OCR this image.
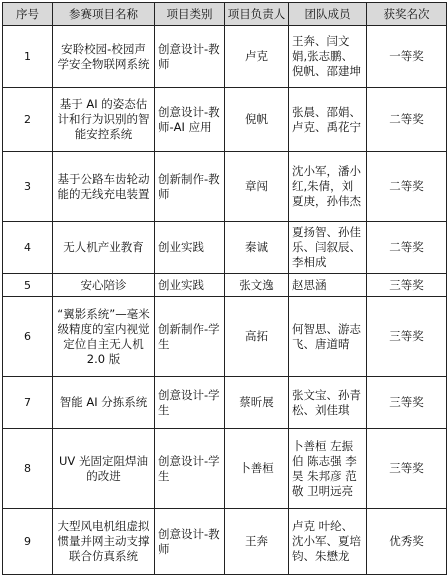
序号	参赛项目名称	项目类别	项目负责人	团队成员	获奖名次
1	安聆校园-校园声学安全物联网系统	创意设计-教师	卢克	王奔、闫文娟,张志鹏、倪帆、邵建坤	一等奖
2	基于 AI 的姿态估计和行为识别的智能安控系统	创意设计-教师-AI 应用	倪帆	张晨、邵娟、卢克、禹花宁	二等奖
3	基于公路车齿轮动能的无线充电装置	创新制作-教师	章闯	沈小军，潘小红,朱倩，刘夏庚，孙伟杰	二等奖
4	无人机产业教育	创业实践	秦诚	夏扬智、孙佳乐、闫叙辰、李相成	二等奖
5	安心陪诊	创业实践	张文逸	赵思涵	三等奖
6	“翼影系统”—毫米级精度的室内视觉定位自主无人机 2.0 版	创新制作-学生	高拓	何智思、游志飞、唐道晴	三等奖
7	智能 AI 分拣系统	创意设计-学生	蔡昕展	张文宝、孙青松、刘佳琪	三等奖
8	UV 光固定阻焊油的改进	创意设计-学生	卜善桓	卜善桓 左振伯 陈志强 李昊 朱邦彦 范敬 卫明远亮	三等奖
9	大型风电机组虚拟惯量并网主动支撑联合仿真系统	创意设计-教师	王奔	卢克 叶纶、沈小军、夏培钧、朱懋龙	优秀奖
